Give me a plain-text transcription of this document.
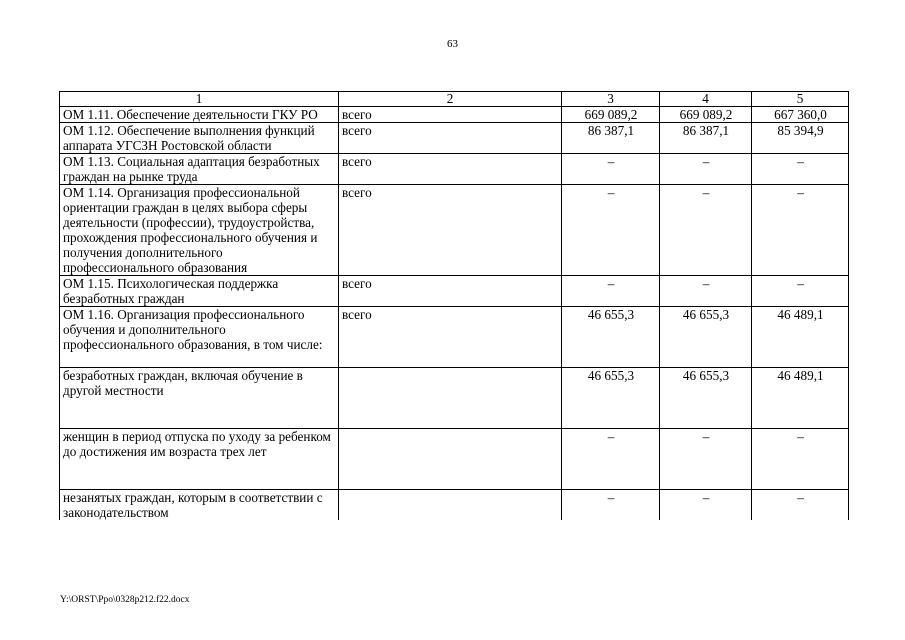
63
1	2	3	4	5
ОМ 1.11. Обеспечение деятельности ГКУ РО	всего	669 089,2	669 089,2	667 360,0
ОМ 1.12. Обеспечение выполнения функций аппарата УГСЗН Ростовской области	всего	86 387,1	86 387,1	85 394,9
ОМ 1.13. Социальная адаптация безработных граждан на рынке труда	всего	–	–	–
ОМ 1.14. Организация профессиональной ориентации граждан в целях выбора сферы деятельности (профессии), трудоустройства, прохождения профессионального обучения и получения дополнительного профессионального образования	всего	–	–	–
ОМ 1.15. Психологическая поддержка безработных граждан	всего	–	–	–
ОМ 1.16. Организация профессионального обучения и дополнительного профессионального образования, в том числе:	всего	46 655,3	46 655,3	46 489,1
безработных граждан, включая обучение в другой местности		46 655,3	46 655,3	46 489,1
женщин в период отпуска по уходу за ребенком до достижения им возраста трех лет		–	–	–
незанятых граждан, которым в соответствии с законодательством		–	–	–
Y:\ORST\Ppo\0328p212.f22.docx
